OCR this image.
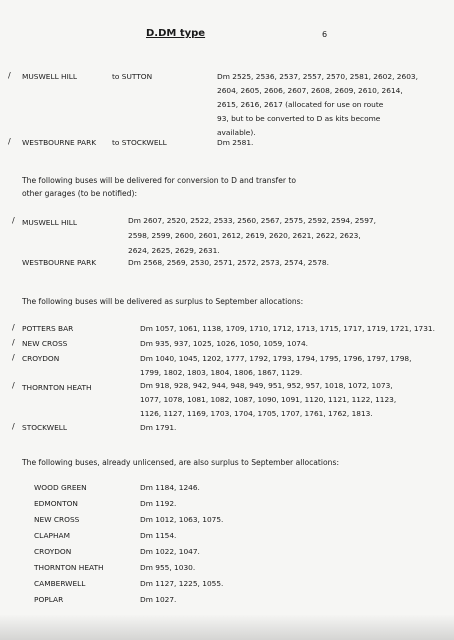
D.DM type	6
/ MUSWELL HILL	to SUTTON	Dm 2525, 2536, 2537, 2557, 2570, 2581, 2602, 2603,
2604, 2605, 2606, 2607, 2608, 2609, 2610, 2614,
2615, 2616, 2617 (allocated for use on route
93, but to be converted to D as kits become
available).
/ WESTBOURNE PARK to STOCKWELL	Dm 2581.
The following buses will be delivered for conversion to D and transfer to
other garages (to be notified):
/ MUSWELL HILL	Dm 2607, 2520, 2522, 2533, 2560, 2567, 2575, 2592, 2594, 2597,
2598, 2599, 2600, 2601, 2612, 2619, 2620, 2621, 2622, 2623,
2624, 2625, 2629, 2631.
WESTBOURNE PARK	Dm 2568, 2569, 2530, 2571, 2572, 2573, 2574, 2578.
The following buses will be delivered as surplus to September allocations:
/ POTTERS BAR	Dm 1057, 1061, 1138, 1709, 1710, 1712, 1713, 1715, 1717, 1719, 1721, 1731.
/ NEW CROSS	Dm 935, 937, 1025, 1026, 1050, 1059, 1074.
/ CROYDON	Dm 1040, 1045, 1202, 1777, 1792, 1793, 1794, 1795, 1796, 1797, 1798,
1799, 1802, 1803, 1804, 1806, 1867, 1129.
/ THORNTON HEATH	Dm 918, 928, 942, 944, 948, 949, 951, 952, 957, 1018, 1072, 1073,
1077, 1078, 1081, 1082, 1087, 1090, 1091, 1120, 1121, 1122, 1123,
1126, 1127, 1169, 1703, 1704, 1705, 1707, 1761, 1762, 1813.
/ STOCKWELL	Dm 1791.
The following buses, already unlicensed, are also surplus to September allocations:
WOOD GREEN	Dm 1184, 1246.
EDMONTON	Dm 1192.
NEW CROSS	Dm 1012, 1063, 1075.
CLAPHAM	Dm 1154.
CROYDON	Dm 1022, 1047.
THORNTON HEATH	Dm 955, 1030.
CAMBERWELL	Dm 1127, 1225, 1055.
POPLAR	Dm 1027.
